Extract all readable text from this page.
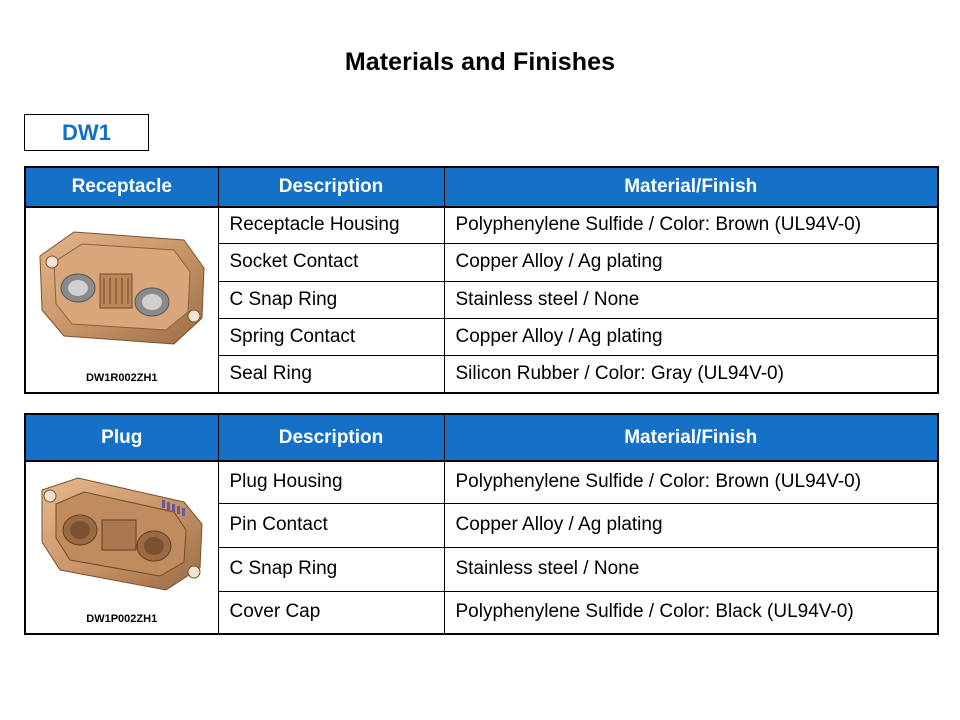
Materials and Finishes
DW1
Receptacle	Description	Material/Finish

DW1R002ZH1	Receptacle Housing	Polyphenylene Sulfide / Color: Brown (UL94V-0)
	Socket Contact	Copper Alloy / Ag plating
	C Snap Ring	Stainless steel / None
	Spring Contact	Copper Alloy / Ag plating
	Seal Ring	Silicon Rubber / Color: Gray (UL94V-0)
Plug	Description	Material/Finish

DW1P002ZH1	Plug Housing	Polyphenylene Sulfide / Color: Brown (UL94V-0)
	Pin Contact	Copper Alloy / Ag plating
	C Snap Ring	Stainless steel / None
	Cover Cap	Polyphenylene Sulfide / Color: Black (UL94V-0)
